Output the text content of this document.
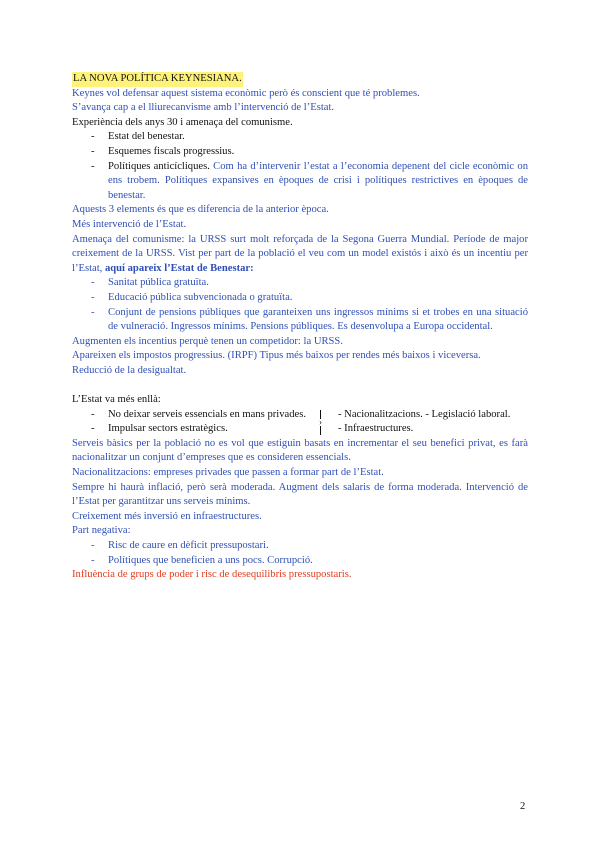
LA NOVA POLÍTICA KEYNESIANA.

Keynes vol defensar aquest sistema econòmic però és conscient que té problemes.

S’avança cap a el lliurecanvisme amb l’intervenció de l’Estat.

Experiència dels anys 30 i amenaça del comunisme.

- Estat del benestar.
- Esquemes fiscals progressius.
- Polítiques anticícliques. Com ha d’intervenir l’estat a l’economia depenent del cicle econòmic on ens trobem. Polítiques expansives en èpoques de crisi i polítiques restrictives en èpoques de benestar.

Aquests 3 elements és que es diferencia de la anterior època.

Més intervenció de l’Estat.

Amenaça del comunisme: la URSS surt molt reforçada de la Segona Guerra Mundial. Període de major creixement de la URSS. Vist per part de la població el veu com un model existós i això és un incentiu per l’Estat, aquí apareix l’Estat de Benestar:

- Sanitat pública gratuïta.
- Educació pública subvencionada o gratuïta.
- Conjunt de pensions públiques que garanteixen uns ingressos mínims si et trobes en una situació de vulneració. Ingressos mínims. Pensions públiques. Es desenvolupa a Europa occidental.

Augmenten els incentius perquè tenen un competidor: la URSS.

Apareixen els impostos progressius. (IRPF) Tipus més baixos per rendes més baixos i viceversa.

Reducció de la desigualtat.

L’Estat va més enllà:

- No deixar serveis essencials en mans privades.
- Impulsar sectors estratègics.
›

- Nacionalitzacions. - Legislació laboral.

- Infraestructures.

Serveis bàsics per la població no es vol que estiguin basats en incrementar el seu benefici privat, es farà nacionalitzar un conjunt d’empreses que es consideren essencials.

Nacionalitzacions: empreses privades que passen a formar part de l’Estat.

Sempre hi haurà inflació, però serà moderada. Augment dels salaris de forma moderada. Intervenció de l’Estat per garantitzar uns serveis mínims.

Creixement més inversió en infraestructures.

Part negativa:

- Risc de caure en dèficit pressupostari.
- Polítiques que beneficien a uns pocs. Corrupció.

Influència de grups de poder i risc de desequilibris pressupostaris.

2
